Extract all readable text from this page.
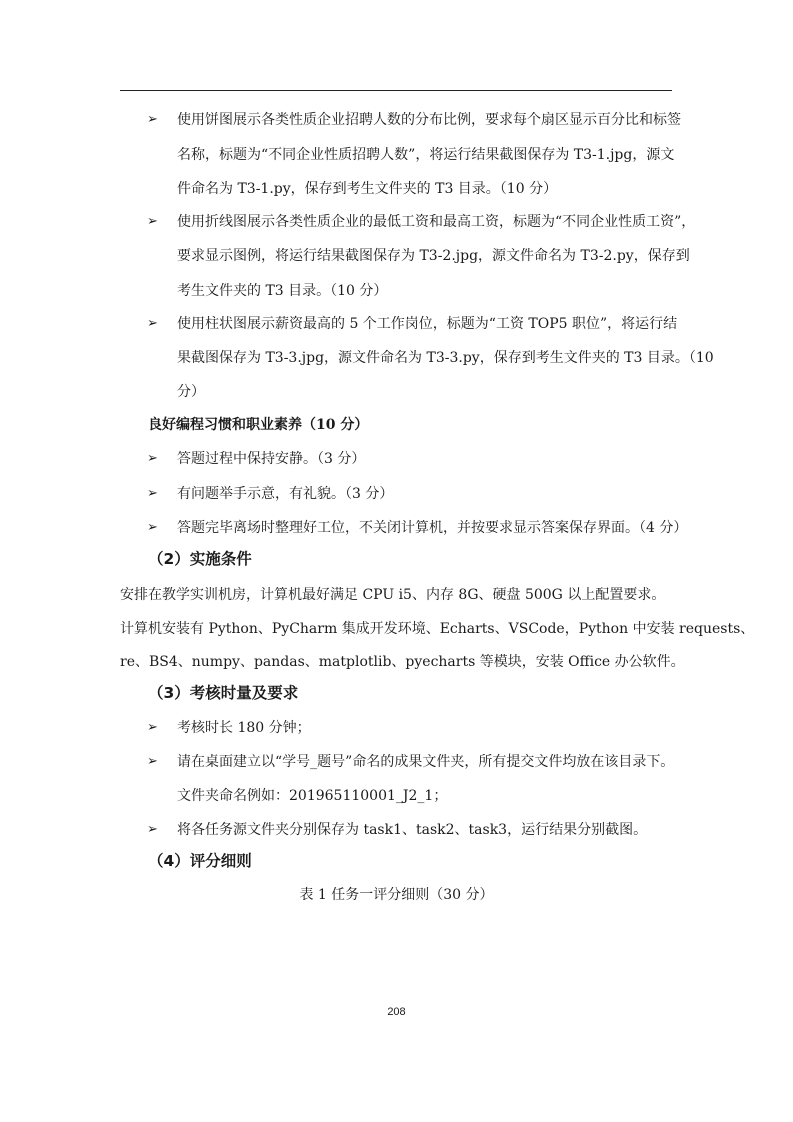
➢ 使用饼图展示各类性质企业招聘人数的分布比例，要求每个扇区显示百分比和标签
名称，标题为“不同企业性质招聘人数”，将运行结果截图保存为 T3-1.jpg，源文
件命名为 T3-1.py，保存到考生文件夹的 T3 目录。（10 分）
➢ 使用折线图展示各类性质企业的最低工资和最高工资，标题为“不同企业性质工资”，
要求显示图例，将运行结果截图保存为 T3-2.jpg，源文件命名为 T3-2.py，保存到
考生文件夹的 T3 目录。（10 分）
➢ 使用柱状图展示薪资最高的 5 个工作岗位，标题为“工资 TOP5 职位”，将运行结
果截图保存为 T3-3.jpg，源文件命名为 T3-3.py，保存到考生文件夹的 T3 目录。（10
分）
良好编程习惯和职业素养（10 分）
➢ 答题过程中保持安静。（3 分）
➢ 有问题举手示意，有礼貌。（3 分）
➢ 答题完毕离场时整理好工位，不关闭计算机，并按要求显示答案保存界面。（4 分）
（2）实施条件
安排在教学实训机房，计算机最好满足 CPU i5、内存 8G、硬盘 500G 以上配置要求。
计算机安装有 Python、PyCharm 集成开发环境、Echarts、VSCode，Python 中安装 requests、
re、BS4、numpy、pandas、matplotlib、pyecharts 等模块，安装 Office 办公软件。
（3）考核时量及要求
➢ 考核时长 180 分钟；
➢ 请在桌面建立以“学号_题号”命名的成果文件夹，所有提交文件均放在该目录下。
文件夹命名例如：201965110001_J2_1；
➢ 将各任务源文件夹分别保存为 task1、task2、task3，运行结果分别截图。
（4）评分细则
表 1 任务一评分细则（30 分）
208
